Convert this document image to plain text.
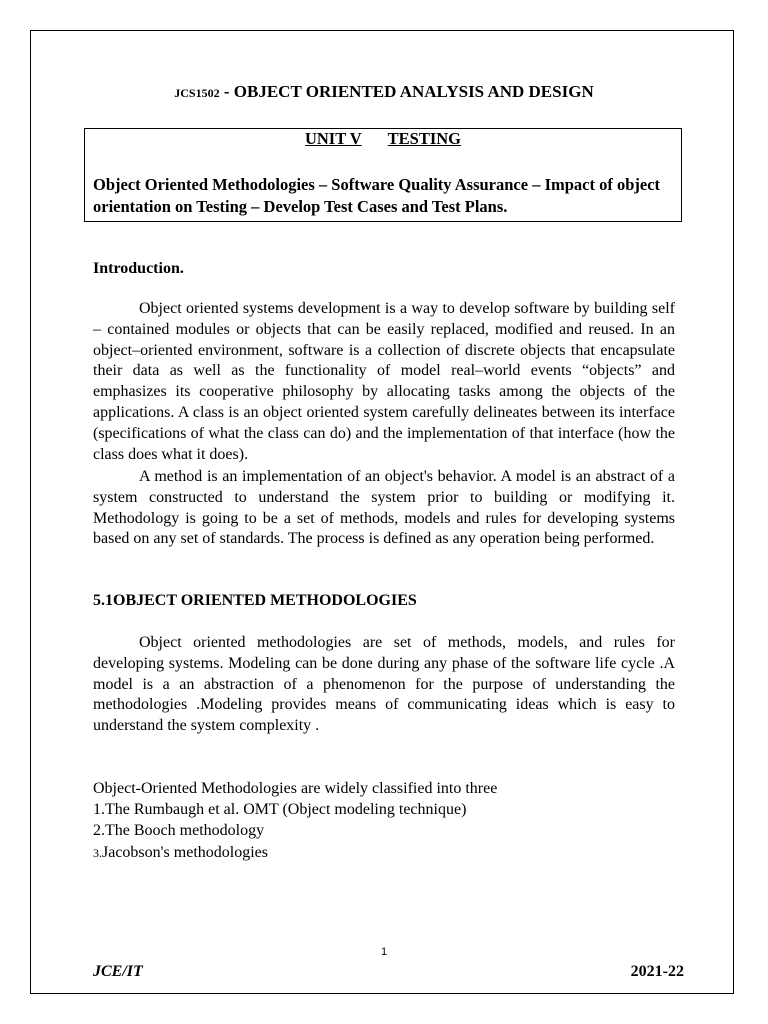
JCS1502 - OBJECT ORIENTED ANALYSIS AND DESIGN
UNIT V TESTING
Object Oriented Methodologies – Software Quality Assurance – Impact of object orientation on Testing – Develop Test Cases and Test Plans.
Introduction.
Object oriented systems development is a way to develop software by building self – contained modules or objects that can be easily replaced, modified and reused. In an object–oriented environment, software is a collection of discrete objects that encapsulate their data as well as the functionality of model real–world events “objects” and emphasizes its cooperative philosophy by allocating tasks among the objects of the applications. A class is an object oriented system carefully delineates between its interface (specifications of what the class can do) and the implementation of that interface (how the class does what it does).
A method is an implementation of an object's behavior. A model is an abstract of a system constructed to understand the system prior to building or modifying it. Methodology is going to be a set of methods, models and rules for developing systems based on any set of standards. The process is defined as any operation being performed.
5.1OBJECT ORIENTED METHODOLOGIES
Object oriented methodologies are set of methods, models, and rules for developing systems. Modeling can be done during any phase of the software life cycle .A model is a an abstraction of a phenomenon for the purpose of understanding the methodologies .Modeling provides means of communicating ideas which is easy to understand the system complexity .
Object-Oriented Methodologies are widely classified into three
1.The Rumbaugh et al. OMT (Object modeling technique)
2.The Booch methodology
3.Jacobson's methodologies
1
JCE/IT	2021-22
